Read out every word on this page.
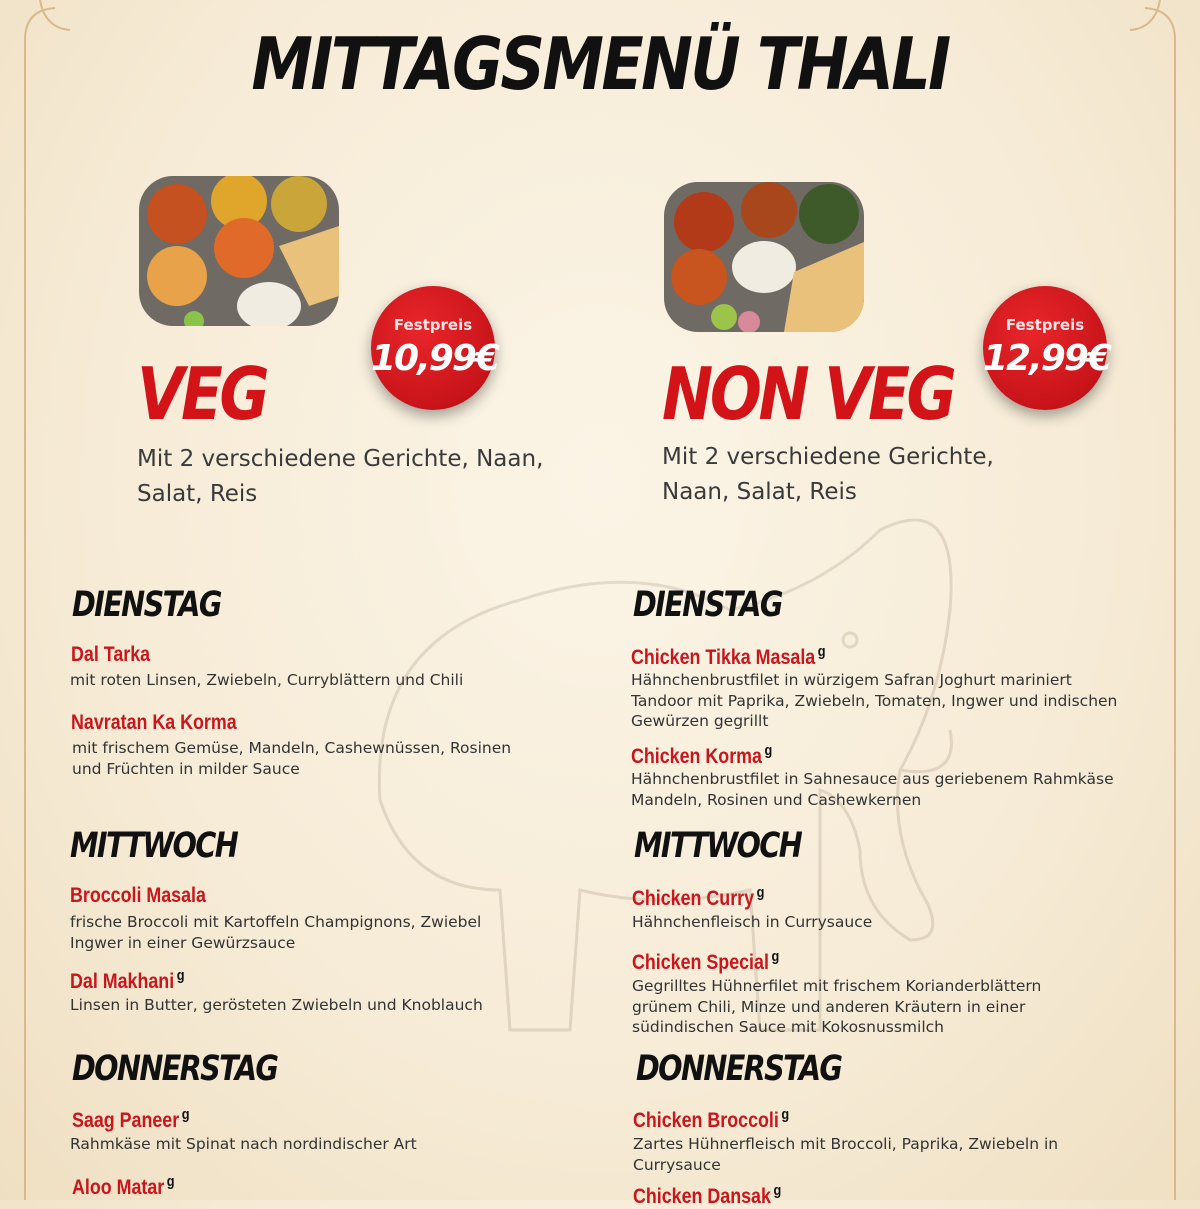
MITTAGSMENÜ THALI
Festpreis
10,99€
VEG
Mit 2 verschiedene Gerichte, Naan,
Salat, Reis
Festpreis
12,99€
NON VEG
Mit 2 verschiedene Gerichte,
Naan, Salat, Reis
DIENSTAG
Dal Tarka
mit roten Linsen, Zwiebeln, Curryblättern und Chili
Navratan Ka Korma
mit frischem Gemüse, Mandeln, Cashewnüssen, Rosinen
und Früchten in milder Sauce
MITTWOCH
Broccoli Masala
frische Broccoli mit Kartoffeln Champignons, Zwiebel
Ingwer in einer Gewürzsauce
Dal Makhani $^g$
Linsen in Butter, gerösteten Zwiebeln und Knoblauch
DONNERSTAG
Saag Paneer $^g$
Rahmkäse mit Spinat nach nordindischer Art
Aloo Matar $^g$
DIENSTAG
Chicken Tikka Masala $^g$
Hähnchenbrustfilet in würzigem Safran Joghurt mariniert
Tandoor mit Paprika, Zwiebeln, Tomaten, Ingwer und indischen
Gewürzen gegrillt
Chicken Korma $^g$
Hähnchenbrustfilet in Sahnesauce aus geriebenem Rahmkäse
Mandeln, Rosinen und Cashewkernen
MITTWOCH
Chicken Curry $^g$
Hähnchenfleisch in Currysauce
Chicken Special $^g$
Gegrilltes Hühnerfilet mit frischem Korianderblättern
grünem Chili, Minze und anderen Kräutern in einer
südindischen Sauce mit Kokosnussmilch
DONNERSTAG
Chicken Broccoli $^g$
Zartes Hühnerfleisch mit Broccoli, Paprika, Zwiebeln in
Currysauce
Chicken Dansak $^g$
